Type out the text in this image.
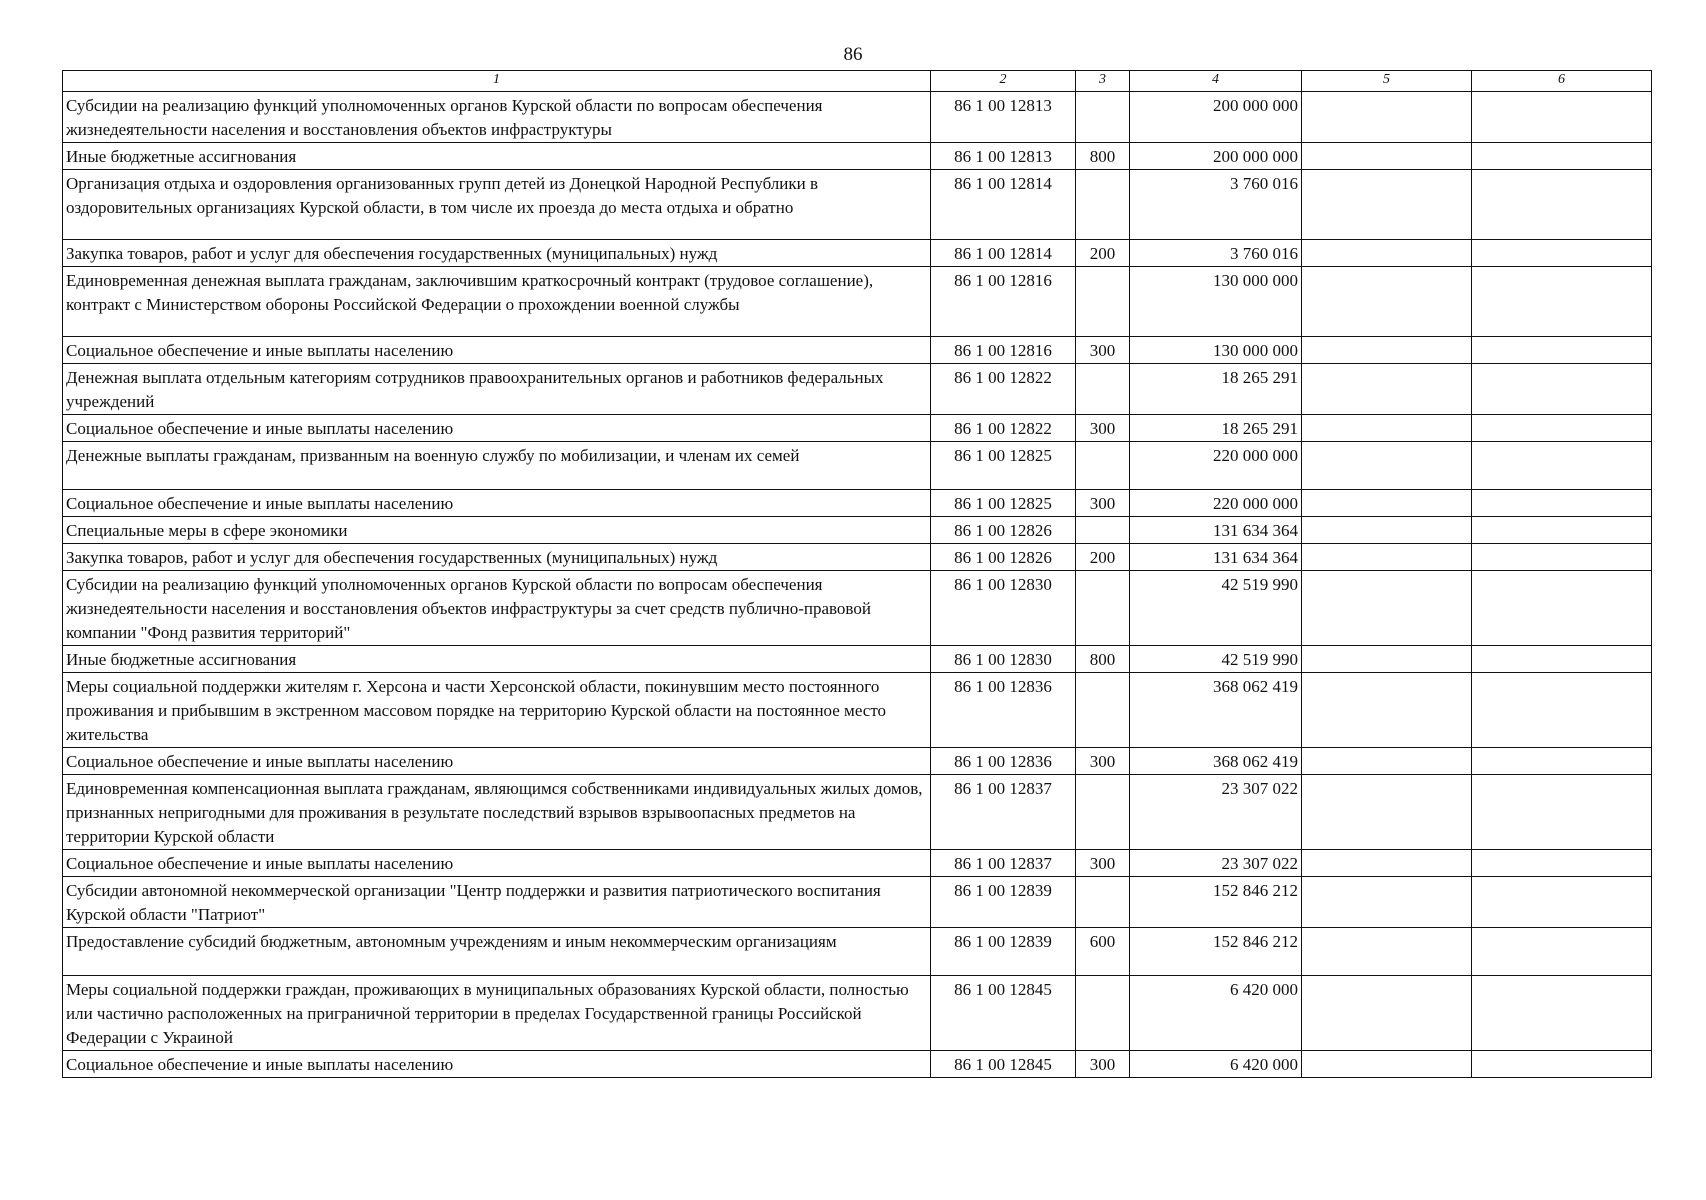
86
1	2	3	4	5	6
Субсидии на реализацию функций уполномоченных органов Курской области по вопросам обеспечения жизнедеятельности населения и восстановления объектов инфраструктуры	86 1 00 12813		200 000 000		
Иные бюджетные ассигнования	86 1 00 12813	800	200 000 000		
Организация отдыха и оздоровления организованных групп детей из Донецкой Народной Республики в оздоровительных организациях Курской области, в том числе их проезда до места отдыха и обратно	86 1 00 12814		3 760 016		
Закупка товаров, работ и услуг для обеспечения государственных (муниципальных) нужд	86 1 00 12814	200	3 760 016		
Единовременная денежная выплата гражданам, заключившим краткосрочный контракт (трудовое соглашение), контракт с Министерством обороны Российской Федерации о прохождении военной службы	86 1 00 12816		130 000 000		
Социальное обеспечение и иные выплаты населению	86 1 00 12816	300	130 000 000		
Денежная выплата отдельным категориям сотрудников правоохранительных органов и работников федеральных учреждений	86 1 00 12822		18 265 291		
Социальное обеспечение и иные выплаты населению	86 1 00 12822	300	18 265 291		
Денежные выплаты гражданам, призванным на военную службу по мобилизации, и членам их семей	86 1 00 12825		220 000 000		
Социальное обеспечение и иные выплаты населению	86 1 00 12825	300	220 000 000		
Специальные меры в сфере экономики	86 1 00 12826		131 634 364		
Закупка товаров, работ и услуг для обеспечения государственных (муниципальных) нужд	86 1 00 12826	200	131 634 364		
Субсидии на реализацию функций уполномоченных органов Курской области по вопросам обеспечения жизнедеятельности населения и восстановления объектов инфраструктуры за счет средств публично-правовой компании "Фонд развития территорий"	86 1 00 12830		42 519 990		
Иные бюджетные ассигнования	86 1 00 12830	800	42 519 990		
Меры социальной поддержки жителям г. Херсона и части Херсонской области, покинувшим место постоянного проживания и прибывшим в экстренном массовом порядке на территорию Курской области на постоянное место жительства	86 1 00 12836		368 062 419		
Социальное обеспечение и иные выплаты населению	86 1 00 12836	300	368 062 419		
Единовременная компенсационная выплата гражданам, являющимся собственниками индивидуальных жилых домов, признанных непригодными для проживания в результате последствий взрывов взрывоопасных предметов на территории Курской области	86 1 00 12837		23 307 022		
Социальное обеспечение и иные выплаты населению	86 1 00 12837	300	23 307 022		
Субсидии автономной некоммерческой организации "Центр поддержки и развития патриотического воспитания Курской области "Патриот"	86 1 00 12839		152 846 212		
Предоставление субсидий бюджетным, автономным учреждениям и иным некоммерческим организациям	86 1 00 12839	600	152 846 212		
Меры социальной поддержки граждан, проживающих в муниципальных образованиях Курской области, полностью или частично расположенных на приграничной территории в пределах Государственной границы Российской Федерации с Украиной	86 1 00 12845		6 420 000		
Социальное обеспечение и иные выплаты населению	86 1 00 12845	300	6 420 000		
